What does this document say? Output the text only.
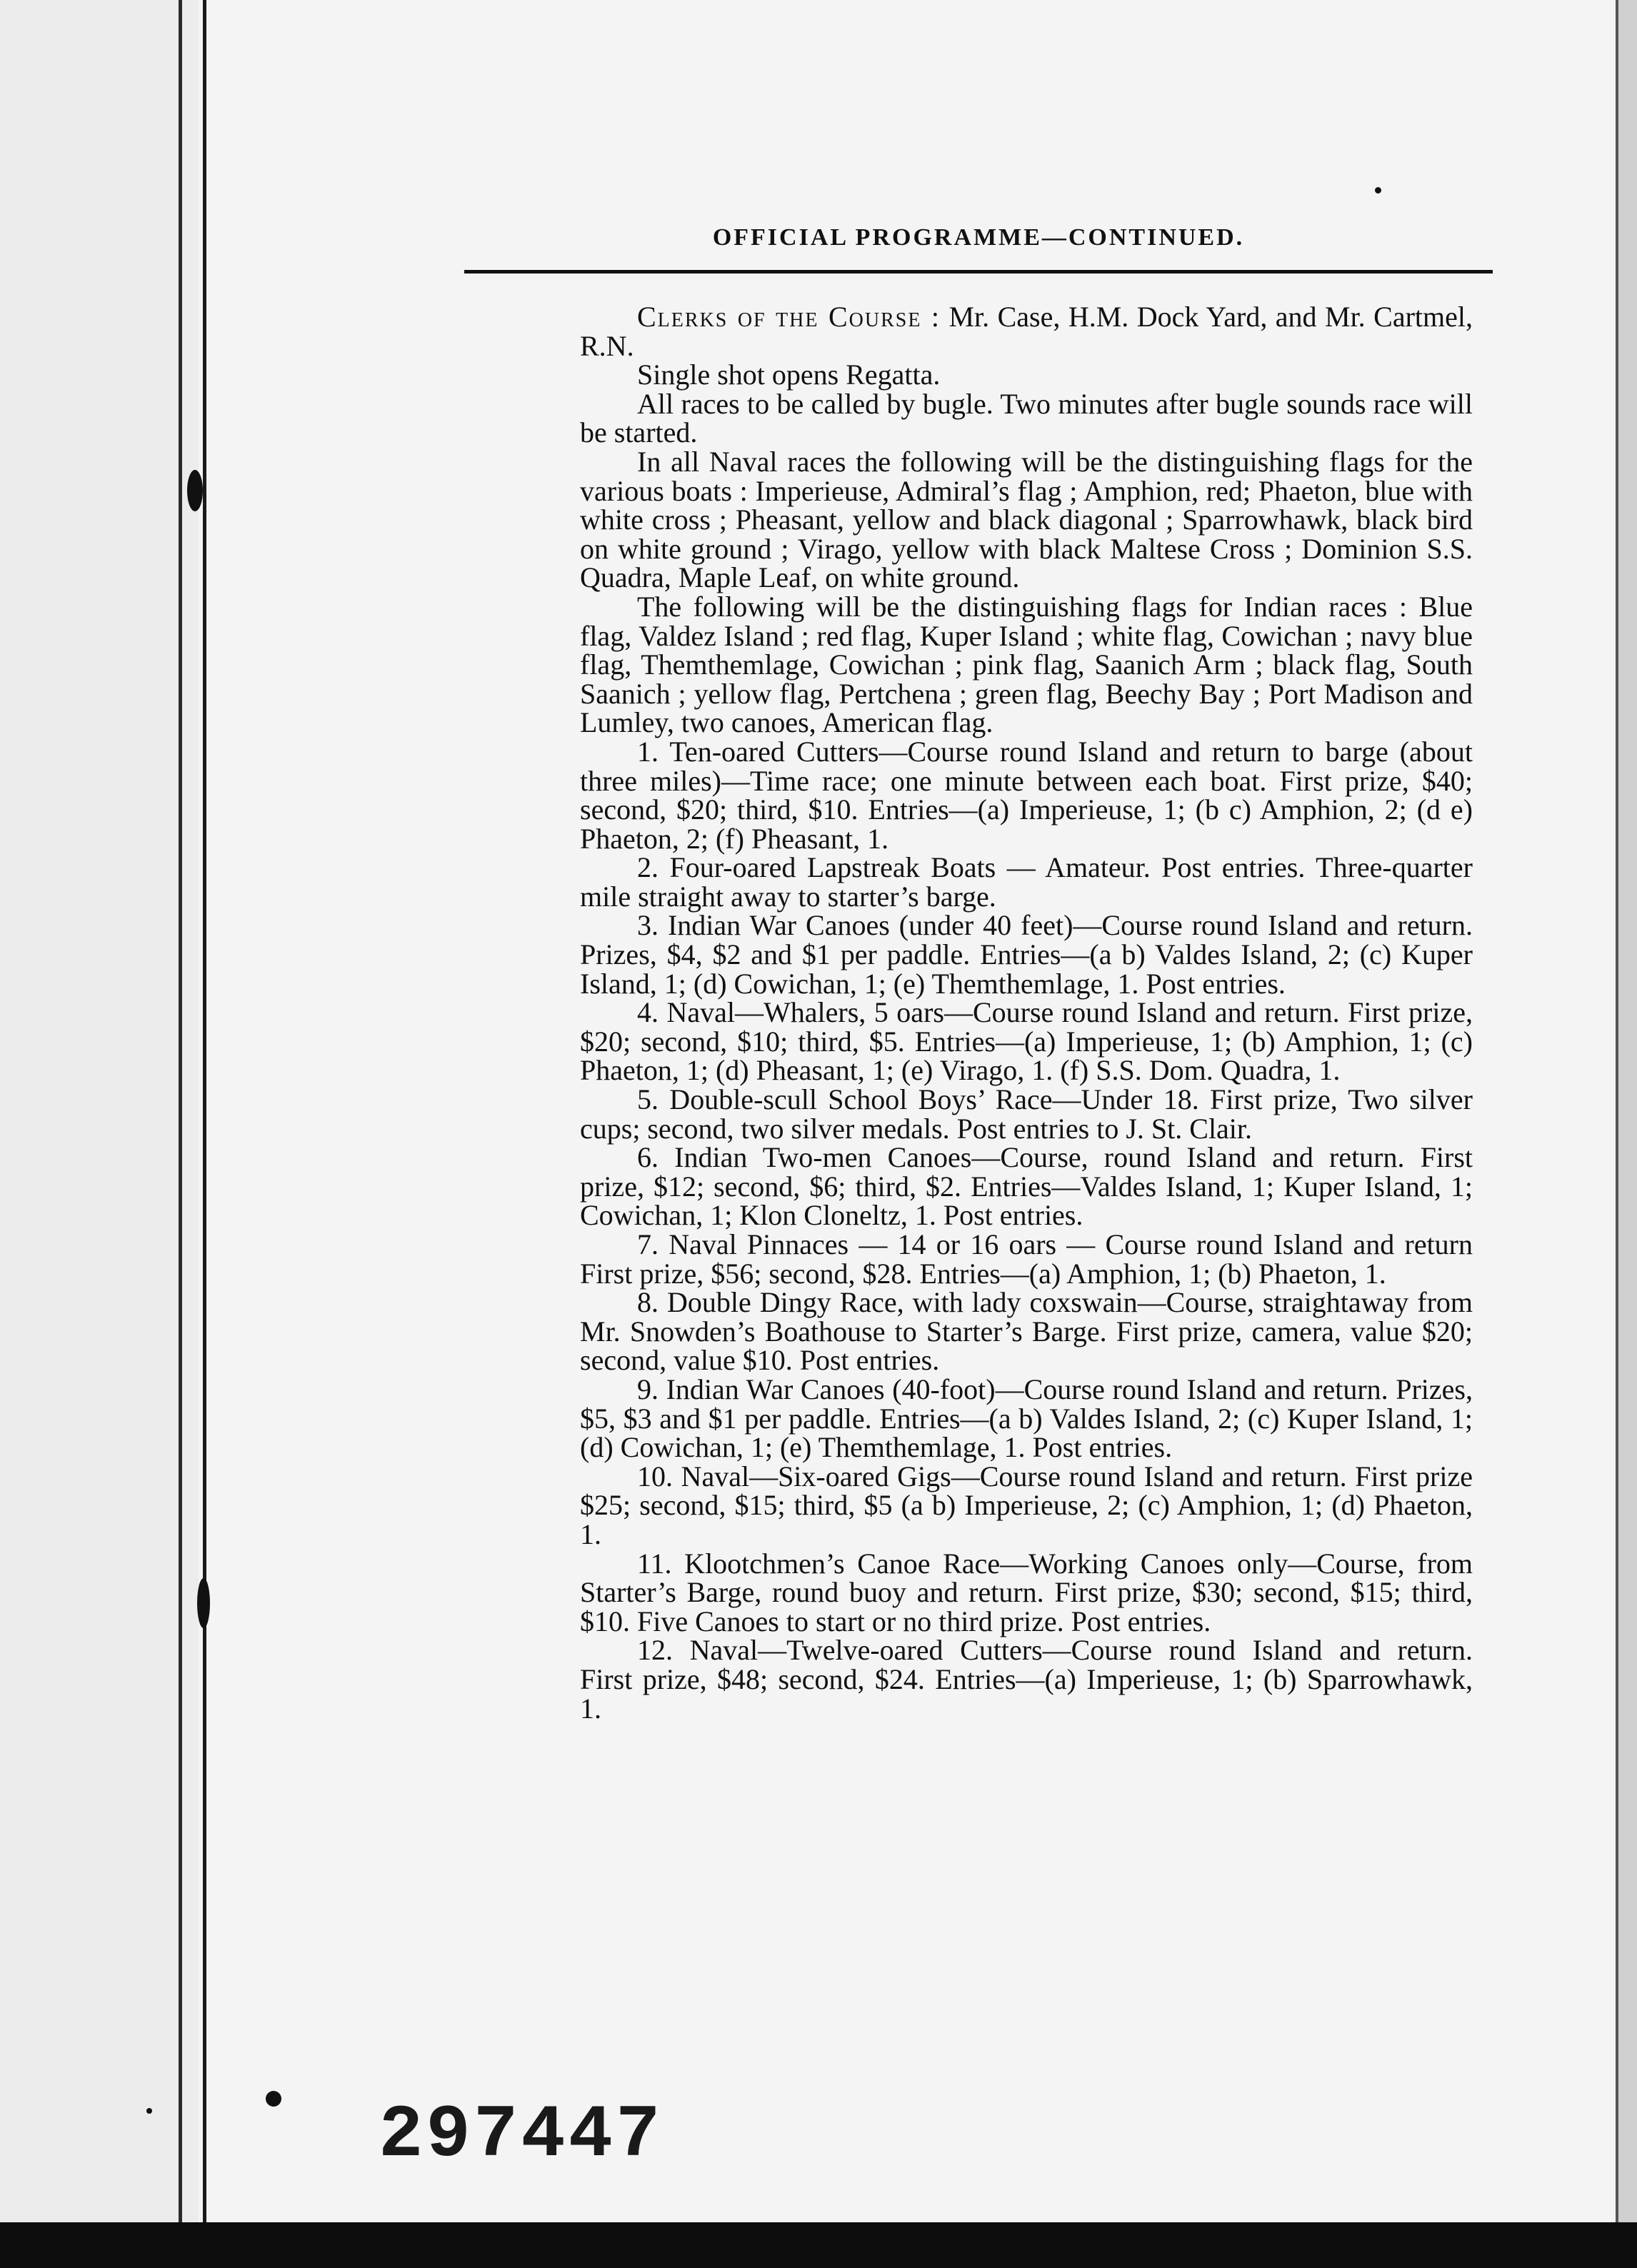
OFFICIAL PROGRAMME—CONTINUED.

Clerks of the Course : Mr. Case, H.M. Dock Yard, and Mr. Cartmel, R.N.

Single shot opens Regatta.

All races to be called by bugle. Two minutes after bugle sounds race will be started.

In all Naval races the following will be the distinguishing flags for the various boats : Imperieuse, Admiral’s flag ; Amphion, red; Phaeton, blue with white cross ; Pheasant, yellow and black diagonal ; Sparrowhawk, black bird on white ground ; Virago, yellow with black Maltese Cross ; Dominion S.S. Quadra, Maple Leaf, on white ground.

The following will be the distinguishing flags for Indian races : Blue flag, Valdez Island ; red flag, Kuper Island ; white flag, Cowichan ; navy blue flag, Themthemlage, Cowichan ; pink flag, Saanich Arm ; black flag, South Saanich ; yellow flag, Pertchena ; green flag, Beechy Bay ; Port Madison and Lumley, two canoes, American flag.

1. Ten-oared Cutters—Course round Island and return to barge (about three miles)—Time race; one minute between each boat. First prize, $40; second, $20; third, $10. Entries—(a) Imperieuse, 1; (b c) Amphion, 2; (d e) Phaeton, 2; (f) Pheasant, 1.

2. Four-oared Lapstreak Boats — Amateur. Post entries. Three-quarter mile straight away to starter’s barge.

3. Indian War Canoes (under 40 feet)—Course round Island and return. Prizes, $4, $2 and $1 per paddle. Entries—(a b) Valdes Island, 2; (c) Kuper Island, 1; (d) Cowichan, 1; (e) Themthemlage, 1. Post entries.

4. Naval—Whalers, 5 oars—Course round Island and return. First prize, $20; second, $10; third, $5. Entries—(a) Imperieuse, 1; (b) Amphion, 1; (c) Phaeton, 1; (d) Pheasant, 1; (e) Virago, 1. (f) S.S. Dom. Quadra, 1.

5. Double-scull School Boys’ Race—Under 18. First prize, Two silver cups; second, two silver medals. Post entries to J. St. Clair.

6. Indian Two-men Canoes—Course, round Island and return. First prize, $12; second, $6; third, $2. Entries—Valdes Island, 1; Kuper Island, 1; Cowichan, 1; Klon Cloneltz, 1. Post entries.

7. Naval Pinnaces — 14 or 16 oars — Course round Island and return First prize, $56; second, $28. Entries—(a) Amphion, 1; (b) Phaeton, 1.

8. Double Dingy Race, with lady coxswain—Course, straightaway from Mr. Snowden’s Boathouse to Starter’s Barge. First prize, camera, value $20; second, value $10. Post entries.

9. Indian War Canoes (40-foot)—Course round Island and return. Prizes, $5, $3 and $1 per paddle. Entries—(a b) Valdes Island, 2; (c) Kuper Island, 1; (d) Cowichan, 1; (e) Themthemlage, 1. Post entries.

10. Naval—Six-oared Gigs—Course round Island and return. First prize $25; second, $15; third, $5 (a b) Imperieuse, 2; (c) Amphion, 1; (d) Phaeton, 1.

11. Klootchmen’s Canoe Race—Working Canoes only—Course, from Starter’s Barge, round buoy and return. First prize, $30; second, $15; third, $10. Five Canoes to start or no third prize. Post entries.

12. Naval—Twelve-oared Cutters—Course round Island and return. First prize, $48; second, $24. Entries—(a) Imperieuse, 1; (b) Sparrowhawk, 1.

297447
